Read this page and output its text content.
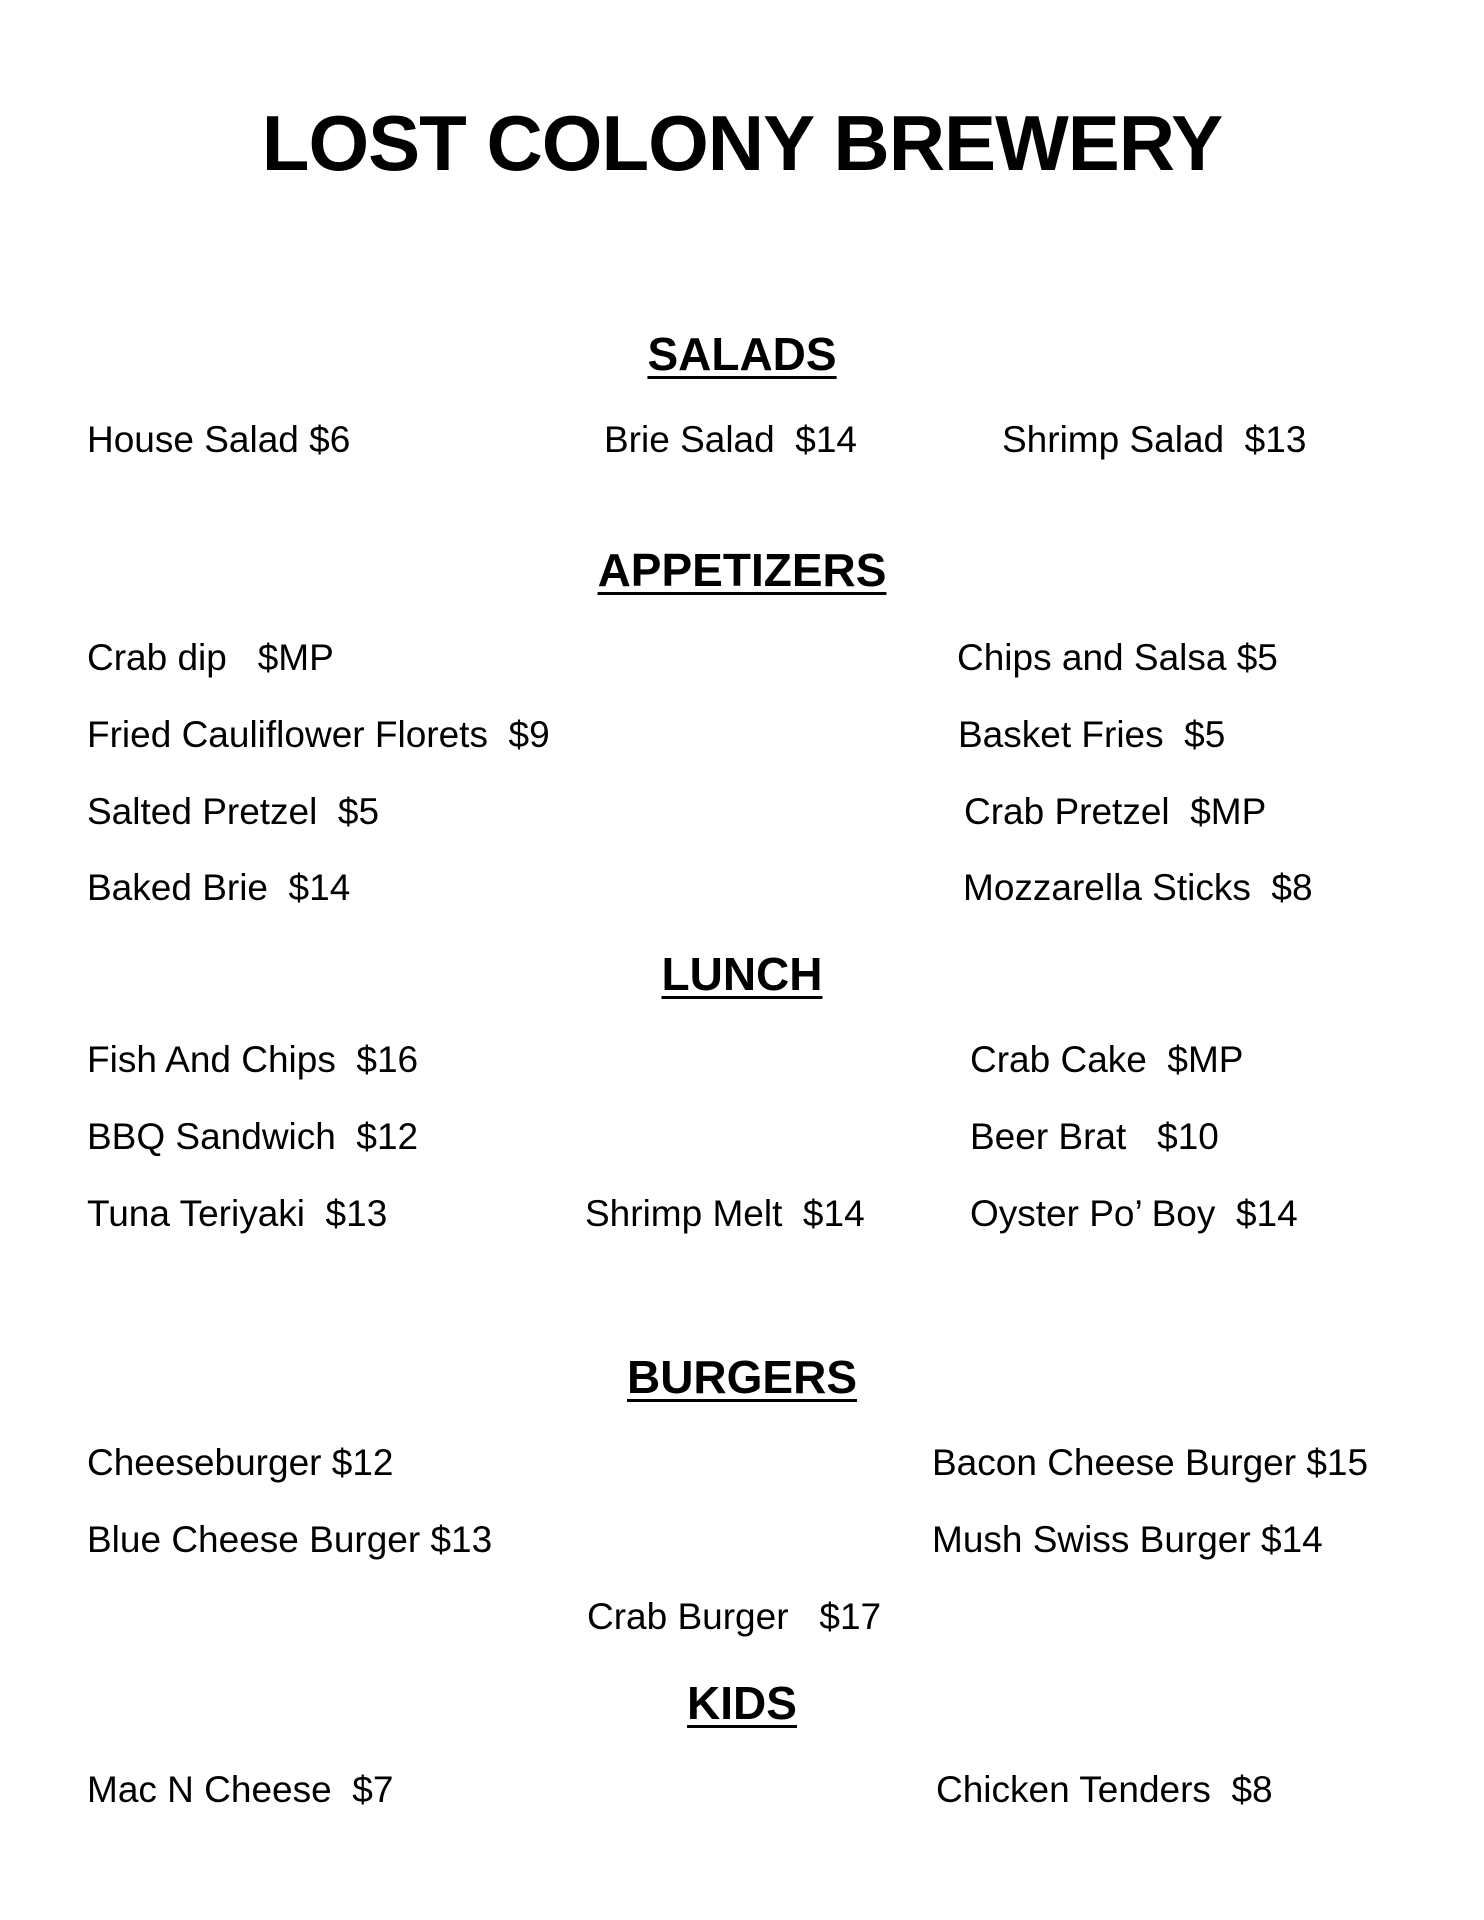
LOST COLONY BREWERY
SALADS
House Salad $6	Brie Salad  $14	Shrimp Salad  $13
APPETIZERS
Crab dip   $MP	Chips and Salsa $5
Fried Cauliflower Florets  $9	Basket Fries  $5
Salted Pretzel  $5	Crab Pretzel  $MP
Baked Brie  $14	Mozzarella Sticks  $8
LUNCH
Fish And Chips  $16	Crab Cake  $MP
BBQ Sandwich  $12	Beer Brat   $10
Tuna Teriyaki  $13	Shrimp Melt  $14	Oyster Po’ Boy  $14
BURGERS
Cheeseburger $12	Bacon Cheese Burger $15
Blue Cheese Burger $13	Mush Swiss Burger $14
Crab Burger   $17
KIDS
Mac N Cheese  $7	Chicken Tenders  $8
